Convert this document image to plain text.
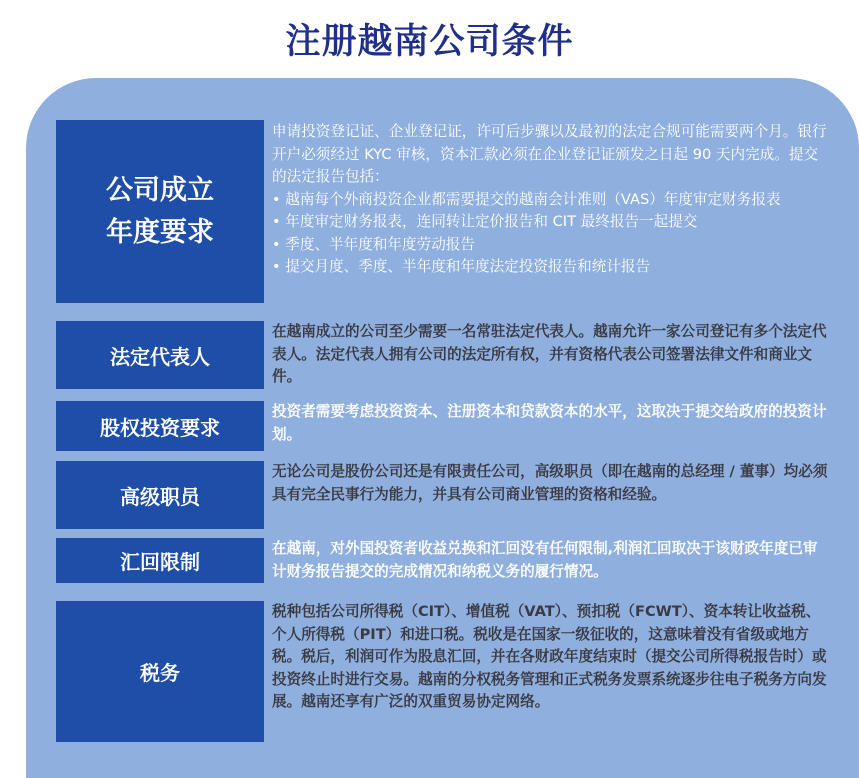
注册越南公司条件
公司成立
年度要求
申请投资登记证、企业登记证，许可后步骤以及最初的法定合规可能需要两个月。银行开户必须经过 KYC 审核，资本汇款必须在企业登记证颁发之日起 90 天内完成。提交的法定报告包括：
• 越南每个外商投资企业都需要提交的越南会计准则（VAS）年度审定财务报表
• 年度审定财务报表，连同转让定价报告和 CIT 最终报告一起提交
• 季度、半年度和年度劳动报告
• 提交月度、季度、半年度和年度法定投资报告和统计报告
法定代表人
在越南成立的公司至少需要一名常驻法定代表人。越南允许一家公司登记有多个法定代表人。法定代表人拥有公司的法定所有权，并有资格代表公司签署法律文件和商业文件。
股权投资要求
投资者需要考虑投资资本、注册资本和贷款资本的水平，这取决于提交给政府的投资计划。
高级职员
无论公司是股份公司还是有限责任公司，高级职员（即在越南的总经理 / 董事）均必须具有完全民事行为能力，并具有公司商业管理的资格和经验。
汇回限制
在越南，对外国投资者收益兑换和汇回没有任何限制,利润汇回取决于该财政年度已审计财务报告提交的完成情况和纳税义务的履行情况。
税务
税种包括公司所得税（CIT）、增值税（VAT）、预扣税（FCWT）、资本转让收益税、个人所得税（PIT）和进口税。税收是在国家一级征收的，这意味着没有省级或地方税。税后，利润可作为股息汇回，并在各财政年度结束时（提交公司所得税报告时）或投资终止时进行交易。越南的分权税务管理和正式税务发票系统逐步往电子税务方向发展。越南还享有广泛的双重贸易协定网络。
